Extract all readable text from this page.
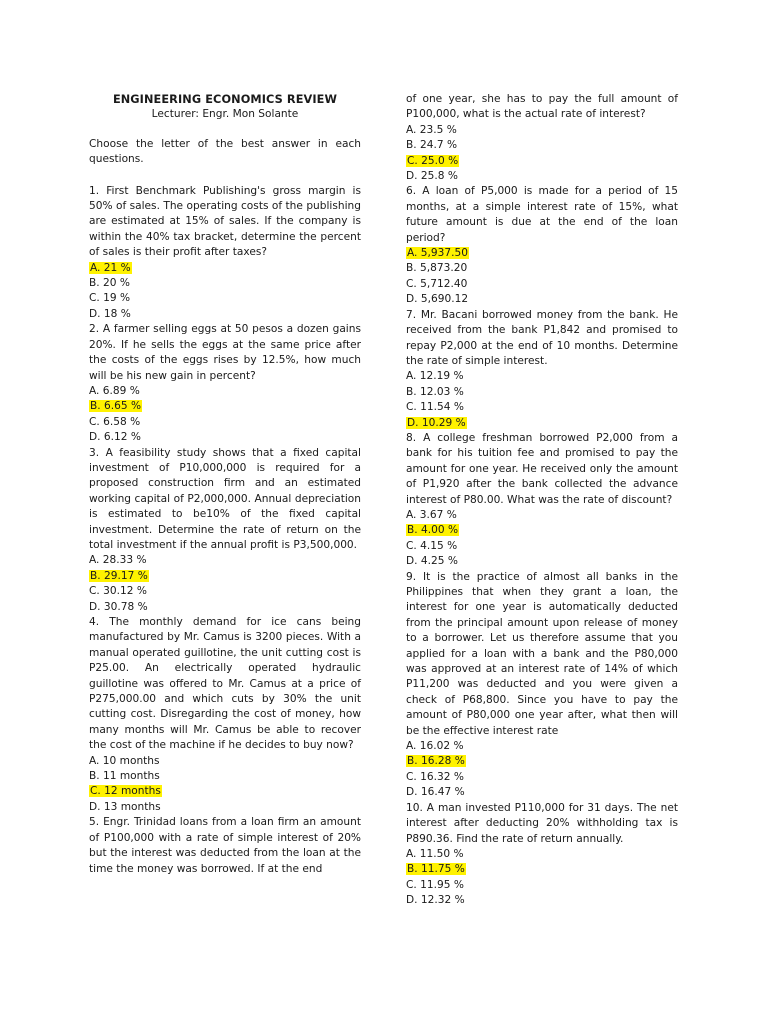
ENGINEERING ECONOMICS REVIEW
Lecturer: Engr. Mon Solante
Choose the letter of the best answer in each questions.
1. First Benchmark Publishing's gross margin is 50% of sales. The operating costs of the publishing are estimated at 15% of sales. If the company is within the 40% tax bracket, determine the percent of sales is their profit after taxes?
A. 21 %
B. 20 %
C. 19 %
D. 18 %
2. A farmer selling eggs at 50 pesos a dozen gains 20%. If he sells the eggs at the same price after the costs of the eggs rises by 12.5%, how much will be his new gain in percent?
A. 6.89 %
B. 6.65 %
C. 6.58 %
D. 6.12 %
3. A feasibility study shows that a fixed capital investment of P10,000,000 is required for a proposed construction firm and an estimated working capital of P2,000,000. Annual depreciation is estimated to be10% of the fixed capital investment. Determine the rate of return on the total investment if the annual profit is P3,500,000.
A. 28.33 %
B. 29.17 %
C. 30.12 %
D. 30.78 %
4. The monthly demand for ice cans being manufactured by Mr. Camus is 3200 pieces. With a manual operated guillotine, the unit cutting cost is P25.00. An electrically operated hydraulic guillotine was offered to Mr. Camus at a price of P275,000.00 and which cuts by 30% the unit cutting cost. Disregarding the cost of money, how many months will Mr. Camus be able to recover the cost of the machine if he decides to buy now?
A. 10 months
B. 11 months
C. 12 months
D. 13 months
5. Engr. Trinidad loans from a loan firm an amount of P100,000 with a rate of simple interest of 20% but the interest was deducted from the loan at the time the money was borrowed. If at the end
of one year, she has to pay the full amount of P100,000, what is the actual rate of interest?
A. 23.5 %
B. 24.7 %
C. 25.0 %
D. 25.8 %
6. A loan of P5,000 is made for a period of 15 months, at a simple interest rate of 15%, what future amount is due at the end of the loan period?
A. 5,937.50
B. 5,873.20
C. 5,712.40
D. 5,690.12
7. Mr. Bacani borrowed money from the bank. He received from the bank P1,842 and promised to repay P2,000 at the end of 10 months. Determine the rate of simple interest.
A. 12.19 %
B. 12.03 %
C. 11.54 %
D. 10.29 %
8. A college freshman borrowed P2,000 from a bank for his tuition fee and promised to pay the amount for one year. He received only the amount of P1,920 after the bank collected the advance interest of P80.00. What was the rate of discount?
A. 3.67 %
B. 4.00 %
C. 4.15 %
D. 4.25 %
9. It is the practice of almost all banks in the Philippines that when they grant a loan, the interest for one year is automatically deducted from the principal amount upon release of money to a borrower. Let us therefore assume that you applied for a loan with a bank and the P80,000 was approved at an interest rate of 14% of which P11,200 was deducted and you were given a check of P68,800. Since you have to pay the amount of P80,000 one year after, what then will be the effective interest rate
A. 16.02 %
B. 16.28 %
C. 16.32 %
D. 16.47 %
10. A man invested P110,000 for 31 days. The net interest after deducting 20% withholding tax is P890.36. Find the rate of return annually.
A. 11.50 %
B. 11.75 %
C. 11.95 %
D. 12.32 %
